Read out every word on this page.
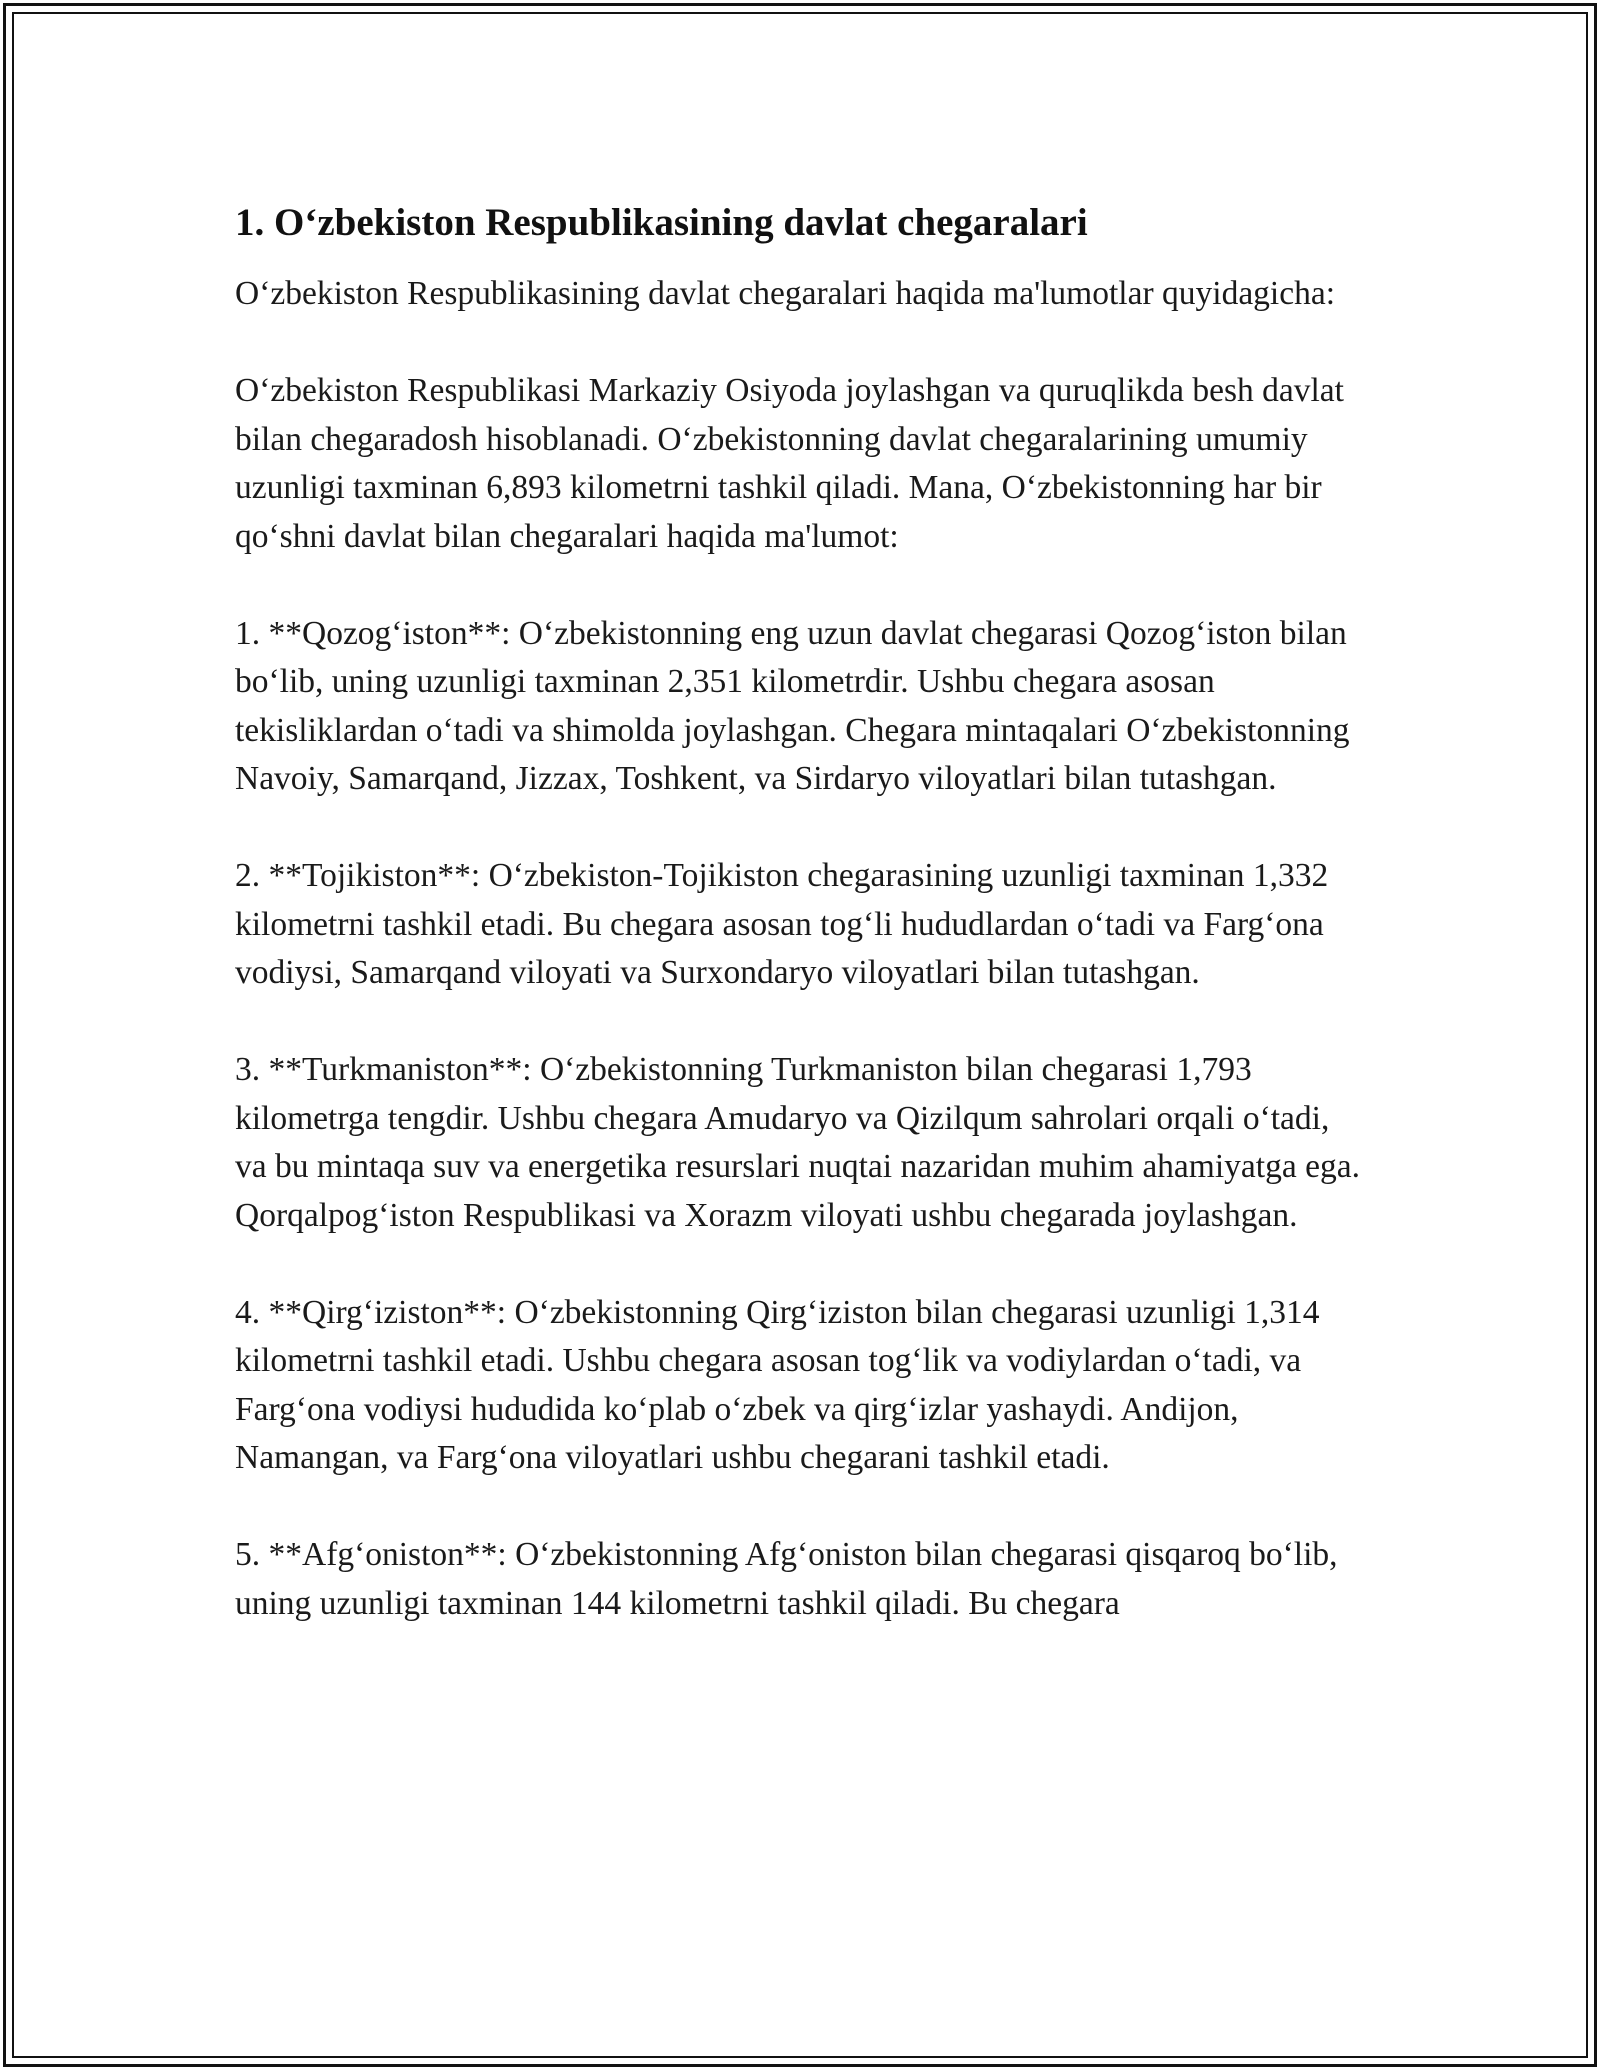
1. O‘zbekiston Respublikasining davlat chegaralari

O‘zbekiston Respublikasining davlat chegaralari haqida ma'lumotlar quyidagicha:

O‘zbekiston Respublikasi Markaziy Osiyoda joylashgan va quruqlikda besh davlat bilan chegaradosh hisoblanadi. O‘zbekistonning davlat chegaralarining umumiy uzunligi taxminan 6,893 kilometrni tashkil qiladi. Mana, O‘zbekistonning har bir qo‘shni davlat bilan chegaralari haqida ma'lumot:

1. **Qozog‘iston**: O‘zbekistonning eng uzun davlat chegarasi Qozog‘iston bilan bo‘lib, uning uzunligi taxminan 2,351 kilometrdir. Ushbu chegara asosan tekisliklardan o‘tadi va shimolda joylashgan. Chegara mintaqalari O‘zbekistonning Navoiy, Samarqand, Jizzax, Toshkent, va Sirdaryo viloyatlari bilan tutashgan.

2. **Tojikiston**: O‘zbekiston-Tojikiston chegarasining uzunligi taxminan 1,332 kilometrni tashkil etadi. Bu chegara asosan tog‘li hududlardan o‘tadi va Farg‘ona vodiysi, Samarqand viloyati va Surxondaryo viloyatlari bilan tutashgan.

3. **Turkmaniston**: O‘zbekistonning Turkmaniston bilan chegarasi 1,793 kilometrga tengdir. Ushbu chegara Amudaryo va Qizilqum sahrolari orqali o‘tadi, va bu mintaqa suv va energetika resurslari nuqtai nazaridan muhim ahamiyatga ega. Qorqalpog‘iston Respublikasi va Xorazm viloyati ushbu chegarada joylashgan.

4. **Qirg‘iziston**: O‘zbekistonning Qirg‘iziston bilan chegarasi uzunligi 1,314 kilometrni tashkil etadi. Ushbu chegara asosan tog‘lik va vodiylardan o‘tadi, va Farg‘ona vodiysi hududida ko‘plab o‘zbek va qirg‘izlar yashaydi. Andijon, Namangan, va Farg‘ona viloyatlari ushbu chegarani tashkil etadi.

5. **Afg‘oniston**: O‘zbekistonning Afg‘oniston bilan chegarasi qisqaroq bo‘lib, uning uzunligi taxminan 144 kilometrni tashkil qiladi. Bu chegara
